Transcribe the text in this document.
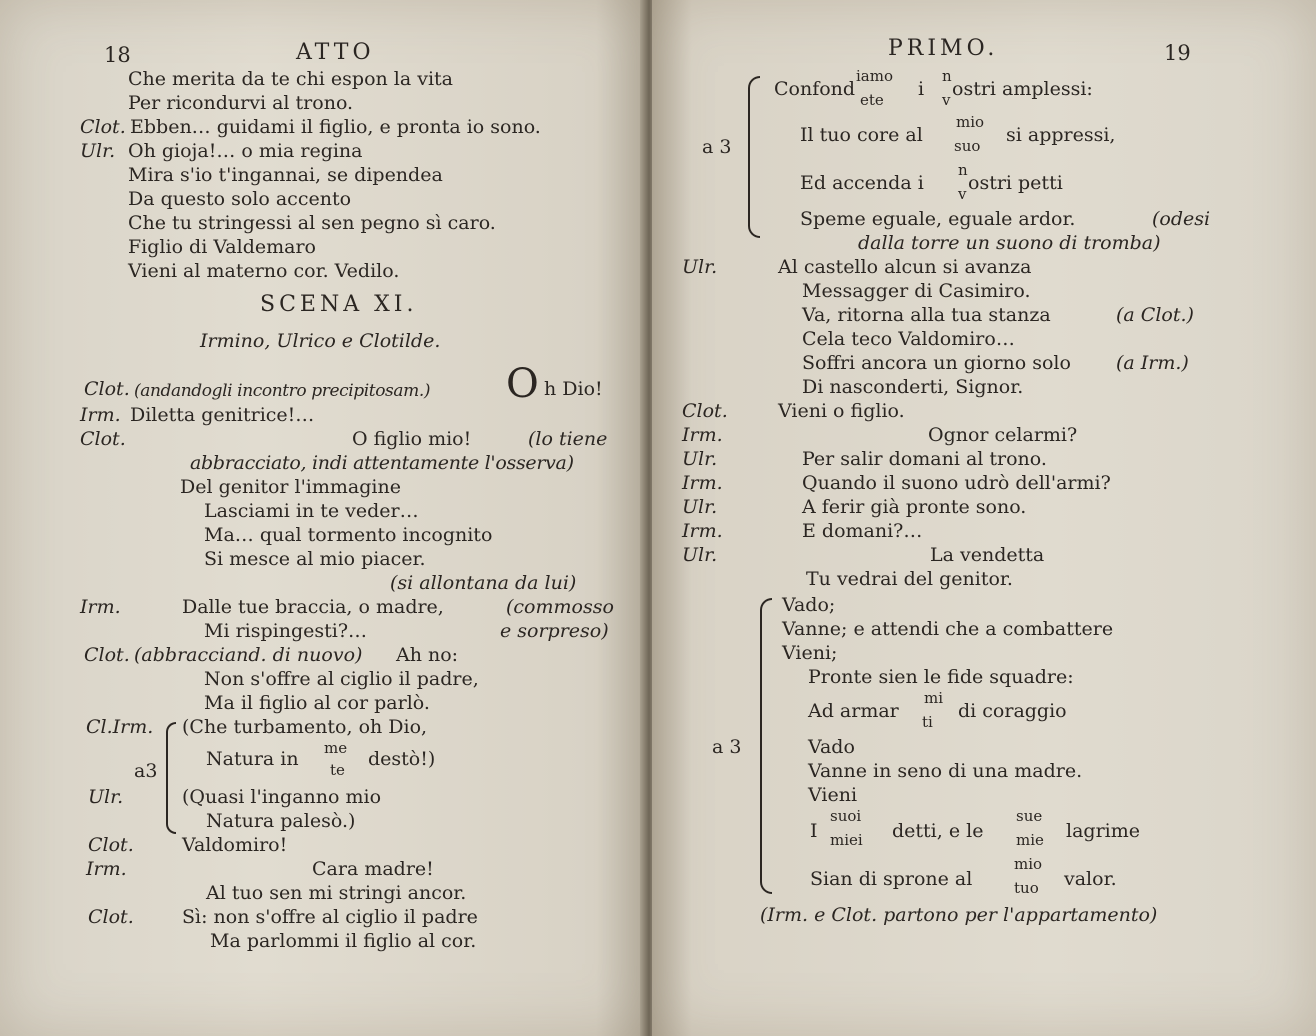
18	ATTO
Che merita da te chi espon la vita
Per ricondurvi al trono.
Clot. Ebben… guidami il figlio, e pronta io sono.
Ulr. Oh gioja!… o mia regina
Mira s'io t'ingannai, se dipendea
Da questo solo accento
Che tu stringessi al sen pegno sì caro.
Figlio di Valdemaro
Vieni al materno cor. Vedilo.
SCENA XI.
Irmino, Ulrico e Clotilde.
Clot. (andandogli incontro precipitosam.) O h Dio!
Irm. Diletta genitrice!…
Clot.	O figlio mio!	(lo tiene
abbracciato, indi attentamente l'osserva)
Del genitor l'immagine
Lasciami in te veder…
Ma… qual tormento incognito
Si mesce al mio piacer.
(si allontana da lui)
Irm.	Dalle tue braccia, o madre,	(commosso
Mi rispingesti?…	e sorpreso)
Clot. (abbracciand. di nuovo) Ah no:
Non s'offre al ciglio il padre,
Ma il figlio al cor parlò.
Cl.Irm. (Che turbamento, oh Dio,
a3
Natura in me
te destò!)
Ulr.	(Quasi l'inganno mio
Natura palesò.)
Clot.	Valdomiro!
Irm.	Cara madre!
Al tuo sen mi stringi ancor.
Clot.	Sì: non s'offre al ciglio il padre
Ma parlommi il figlio al cor.
PRIMO.	19
a 3
Confond
iamo
ete i
n
v ostri amplessi:
Il tuo core al
mio
suo si appressi,
Ed accenda i
n
v ostri petti
Speme eguale, eguale ardor.	(odesi
dalla torre un suono di tromba)
Ulr.	Al castello alcun si avanza
Messagger di Casimiro.
Va, ritorna alla tua stanza	(a Clot.)
Cela teco Valdomiro…
Soffri ancora un giorno solo (a Irm.)
Di nasconderti, Signor.
Clot.	Vieni o figlio.
Irm.	Ognor celarmi?
Ulr.	Per salir domani al trono.
Irm.	Quando il suono udrò dell'armi?
Ulr.	A ferir già pronte sono.
Irm.	E domani?…
Ulr.	La vendetta
Tu vedrai del genitor.
a 3
Vado;
Vanne; e attendi che a combattere
Vieni;
Pronte sien le fide squadre:
Ad armar
mi
ti di coraggio
Vado
Vanne in seno di una madre.
Vieni
I
suoi
miei detti, e le
sue
mie lagrime
Sian di sprone al
mio
tuo valor.
(Irm. e Clot. partono per l'appartamento)
